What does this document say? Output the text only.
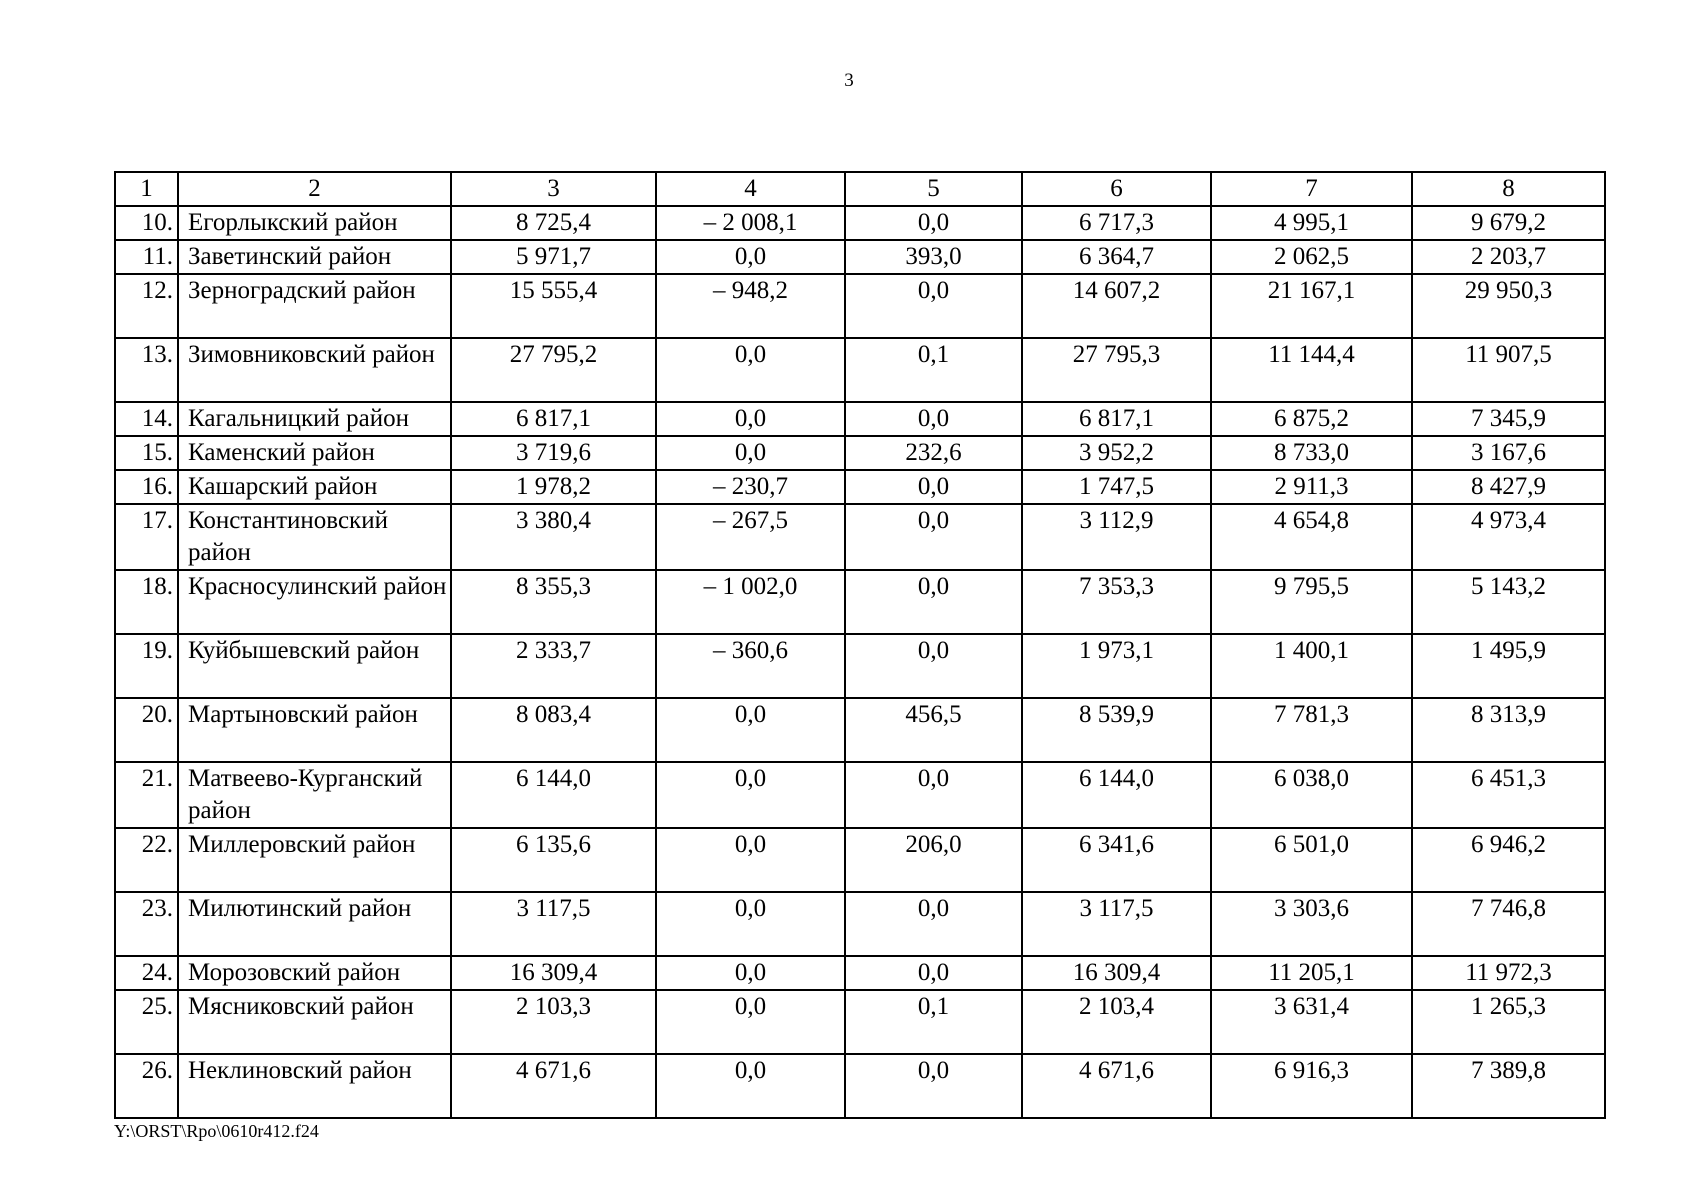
3
1	2	3	4	5	6	7	8
10.	Егорлыкский район	8 725,4	– 2 008,1	0,0	6 717,3	4 995,1	9 679,2
11.	Заветинский район	5 971,7	0,0	393,0	6 364,7	2 062,5	2 203,7
12.	Зерноградский район	15 555,4	– 948,2	0,0	14 607,2	21 167,1	29 950,3
13.	Зимовниковский район	27 795,2	0,0	0,1	27 795,3	11 144,4	11 907,5
14.	Кагальницкий район	6 817,1	0,0	0,0	6 817,1	6 875,2	7 345,9
15.	Каменский район	3 719,6	0,0	232,6	3 952,2	8 733,0	3 167,6
16.	Кашарский район	1 978,2	– 230,7	0,0	1 747,5	2 911,3	8 427,9
17.	Константиновский район	3 380,4	– 267,5	0,0	3 112,9	4 654,8	4 973,4
18.	Красносулинский район	8 355,3	– 1 002,0	0,0	7 353,3	9 795,5	5 143,2
19.	Куйбышевский район	2 333,7	– 360,6	0,0	1 973,1	1 400,1	1 495,9
20.	Мартыновский район	8 083,4	0,0	456,5	8 539,9	7 781,3	8 313,9
21.	Матвеево-Курганский район	6 144,0	0,0	0,0	6 144,0	6 038,0	6 451,3
22.	Миллеровский район	6 135,6	0,0	206,0	6 341,6	6 501,0	6 946,2
23.	Милютинский район	3 117,5	0,0	0,0	3 117,5	3 303,6	7 746,8
24.	Морозовский район	16 309,4	0,0	0,0	16 309,4	11 205,1	11 972,3
25.	Мясниковский район	2 103,3	0,0	0,1	2 103,4	3 631,4	1 265,3
26.	Неклиновский район	4 671,6	0,0	0,0	4 671,6	6 916,3	7 389,8
Y:\ORST\Rpo\0610r412.f24
